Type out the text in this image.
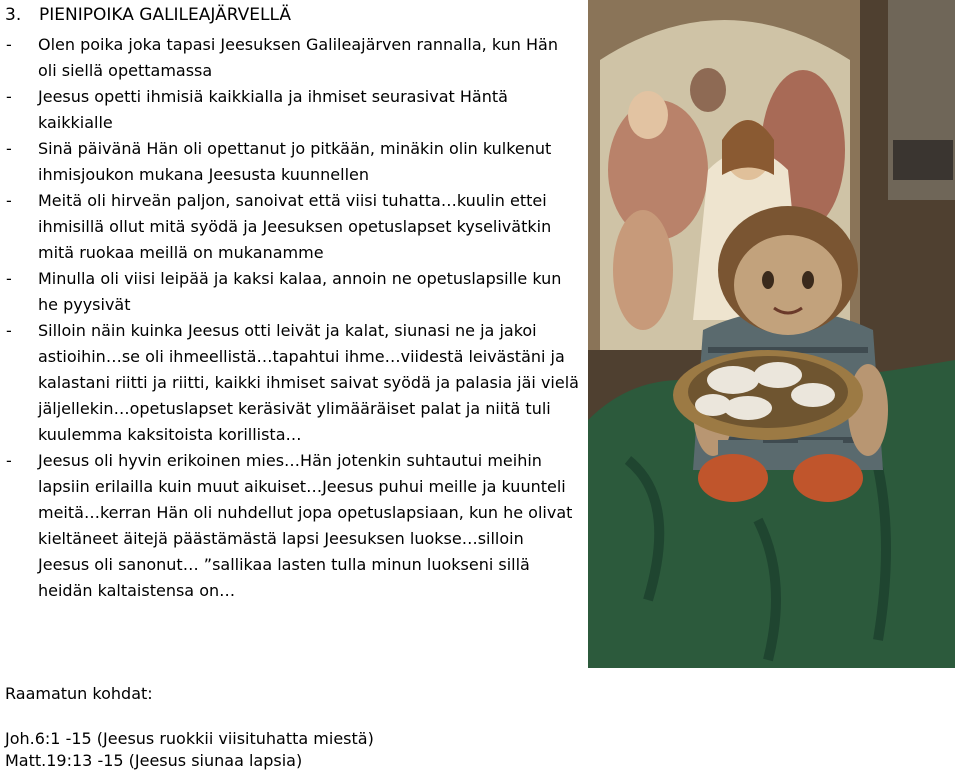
3. PIENIPOIKA GALILEAJÄRVELLÄ
- Olen poika joka tapasi Jeesuksen Galileajärven rannalla, kun Hän oli siellä opettamassa
- Jeesus opetti ihmisiä kaikkialla ja ihmiset seurasivat Häntä kaikkialle
- Sinä päivänä Hän oli opettanut jo pitkään, minäkin olin kulkenut ihmisjoukon mukana Jeesusta kuunnellen
- Meitä oli hirveän paljon, sanoivat että viisi tuhatta…kuulin ettei ihmisillä ollut mitä syödä ja Jeesuksen opetuslapset kyselivätkin mitä ruokaa meillä on mukanamme
- Minulla oli viisi leipää ja kaksi kalaa, annoin ne opetuslapsille kun he pyysivät
- Silloin näin kuinka Jeesus otti leivät ja kalat, siunasi ne ja jakoi astioihin…se oli ihmeellistä…tapahtui ihme…viidestä leivästäni ja kalastani riitti ja riitti, kaikki ihmiset saivat syödä ja palasia jäi vielä jäljellekin…opetuslapset keräsivät ylimääräiset palat ja niitä tuli kuulemma kaksitoista korillista…
- Jeesus oli hyvin erikoinen mies…Hän jotenkin suhtautui meihin lapsiin erilailla kuin muut aikuiset…Jeesus puhui meille ja kuunteli meitä…kerran Hän oli nuhdellut jopa opetuslapsiaan, kun he olivat kieltäneet äitejä päästämästä lapsi Jeesuksen luokse…silloin Jeesus oli sanonut… ”sallikaa lasten tulla minun luokseni sillä heidän kaltaistensa on…
Raamatun kohdat:
Joh.6:1 -15 (Jeesus ruokkii viisituhatta miestä)
Matt.19:13 -15 (Jeesus siunaa lapsia)
